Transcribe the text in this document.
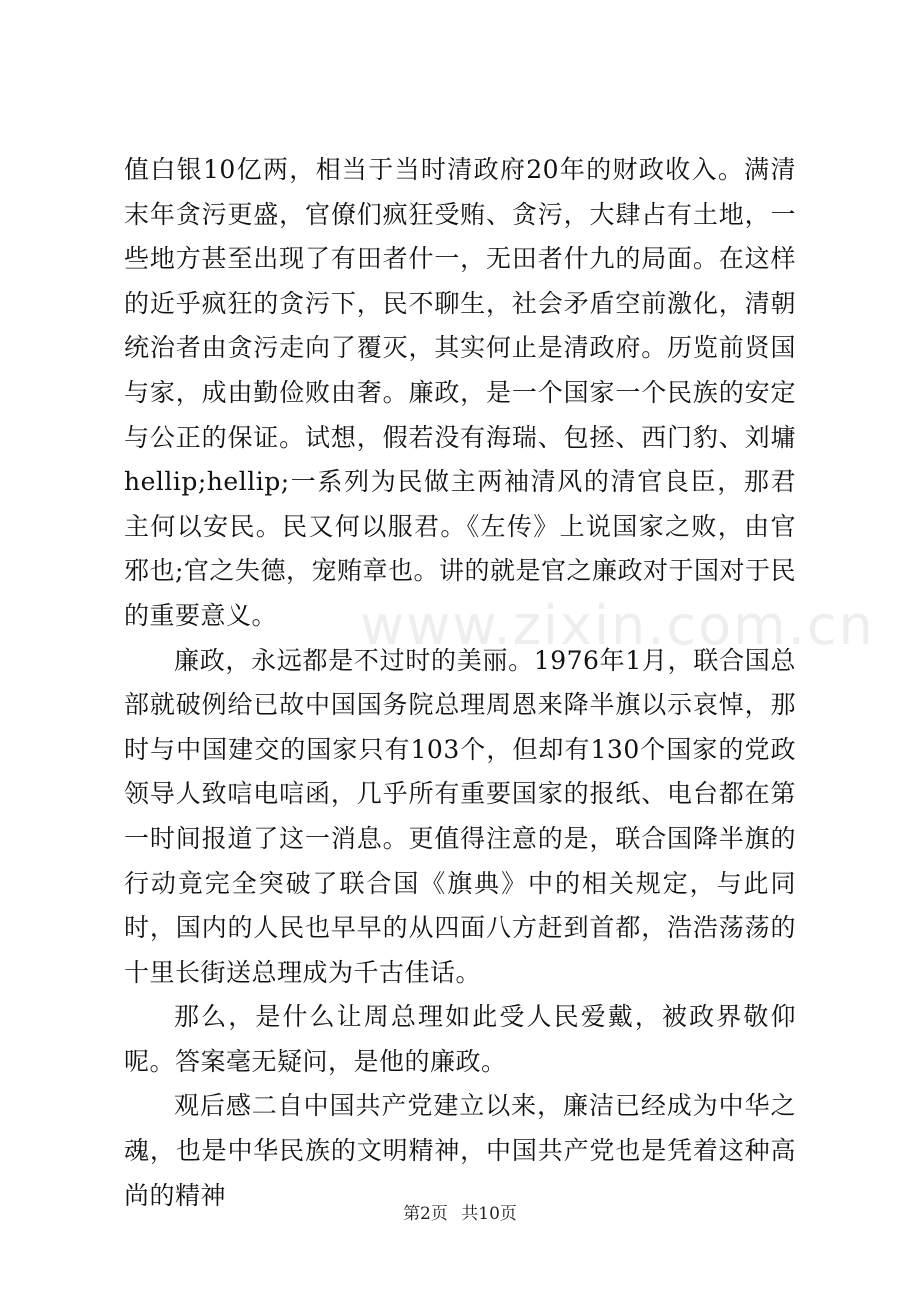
值白银10亿两，相当于当时清政府20年的财政收入。满清末年贪污更盛，官僚们疯狂受贿、贪污，大肆占有土地，一些地方甚至出现了有田者什一，无田者什九的局面。在这样的近乎疯狂的贪污下，民不聊生，社会矛盾空前激化，清朝统治者由贪污走向了覆灭，其实何止是清政府。历览前贤国与家，成由勤俭败由奢。廉政，是一个国家一个民族的安定与公正的保证。试想，假若没有海瑞、包拯、西门豹、刘墉hellip;hellip;一系列为民做主两袖清风的清官良臣，那君主何以安民。民又何以服君。《左传》上说国家之败，由官邪也;官之失德，宠贿章也。讲的就是官之廉政对于国对于民的重要意义。

廉政，永远都是不过时的美丽。1976年1月，联合国总部就破例给已故中国国务院总理周恩来降半旗以示哀悼，那时与中国建交的国家只有103个，但却有130个国家的党政领导人致唁电唁函，几乎所有重要国家的报纸、电台都在第一时间报道了这一消息。更值得注意的是，联合国降半旗的行动竟完全突破了联合国《旗典》中的相关规定，与此同时，国内的人民也早早的从四面八方赶到首都，浩浩荡荡的十里长街送总理成为千古佳话。

那么，是什么让周总理如此受人民爱戴，被政界敬仰呢。答案毫无疑问，是他的廉政。

观后感二自中国共产党建立以来，廉洁已经成为中华之魂，也是中华民族的文明精神，中国共产党也是凭着这种高尚的精神

www.zixin.com.cn
第2页 共10页
